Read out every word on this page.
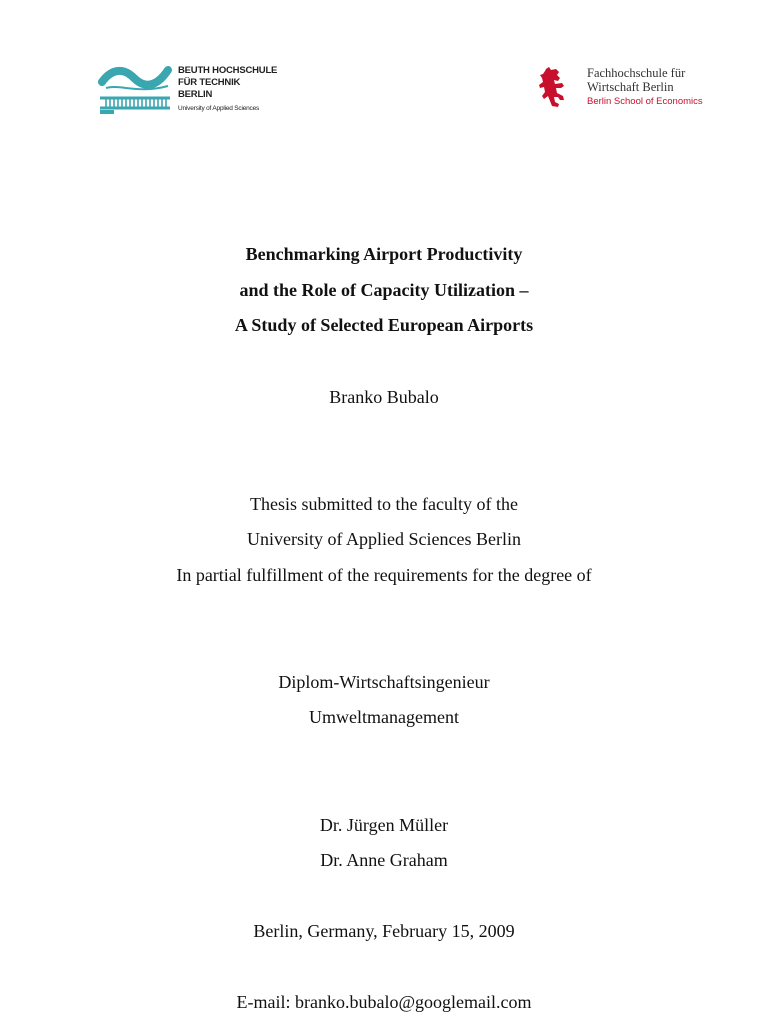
BEUTH HOCHSCHULE
FÜR TECHNIK
BERLIN
University of Applied Sciences
Fachhochschule für
Wirtschaft Berlin
Berlin School of Economics
Benchmarking Airport Productivity
and the Role of Capacity Utilization –
A Study of Selected European Airports
Branko Bubalo
Thesis submitted to the faculty of the
University of Applied Sciences Berlin
In partial fulfillment of the requirements for the degree of
Diplom-Wirtschaftsingenieur
Umweltmanagement
Dr. Jürgen Müller
Dr. Anne Graham
Berlin, Germany, February 15, 2009
E-mail: branko.bubalo@googlemail.com
